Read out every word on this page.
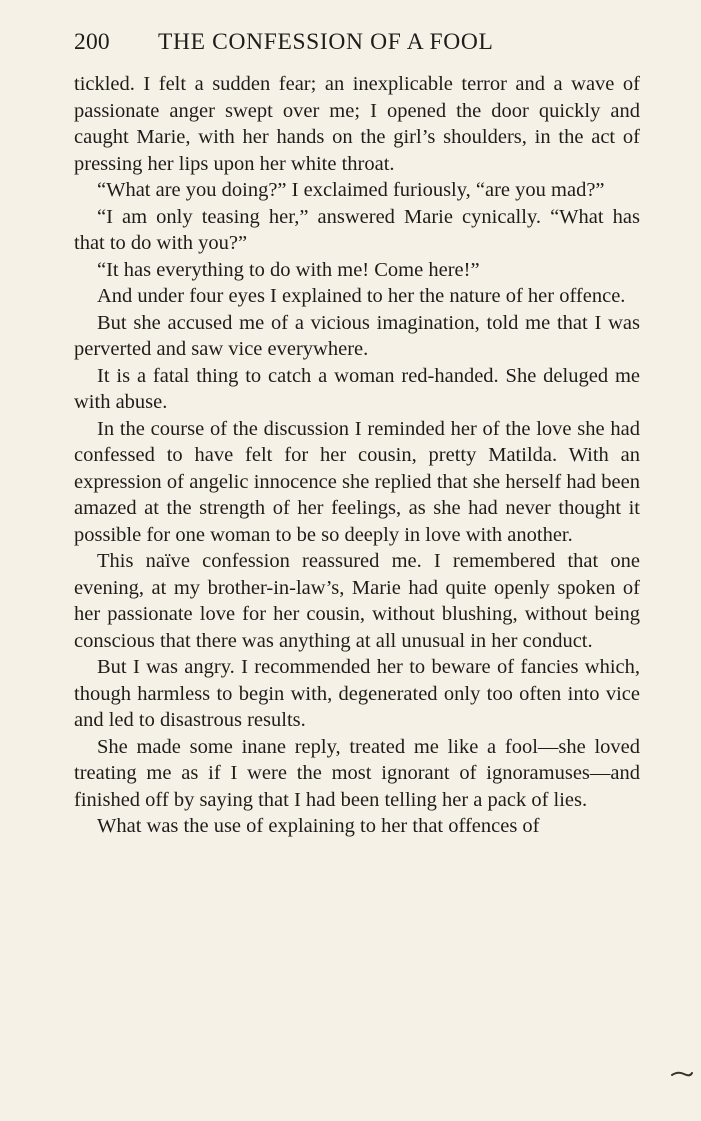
200 THE CONFESSION OF A FOOL

tickled. I felt a sudden fear; an inexplicable terror and a wave of passionate anger swept over me; I opened the door quickly and caught Marie, with her hands on the girl’s shoulders, in the act of pressing her lips upon her white throat.

“What are you doing?” I exclaimed furiously, “are you mad?”

“I am only teasing her,” answered Marie cynically. “What has that to do with you?”

“It has everything to do with me! Come here!”

And under four eyes I explained to her the nature of her offence.

But she accused me of a vicious imagination, told me that I was perverted and saw vice everywhere.

It is a fatal thing to catch a woman red-handed. She deluged me with abuse.

In the course of the discussion I reminded her of the love she had confessed to have felt for her cousin, pretty Matilda. With an expression of angelic innocence she replied that she herself had been amazed at the strength of her feelings, as she had never thought it possible for one woman to be so deeply in love with another.

This naïve confession reassured me. I remembered that one evening, at my brother-in-law’s, Marie had quite openly spoken of her passionate love for her cousin, without blushing, without being conscious that there was anything at all unusual in her conduct.

But I was angry. I recommended her to beware of fancies which, though harmless to begin with, degenerated only too often into vice and led to disastrous results.

She made some inane reply, treated me like a fool—she loved treating me as if I were the most ignorant of ignoramuses—and finished off by saying that I had been telling her a pack of lies.

What was the use of explaining to her that offences of
